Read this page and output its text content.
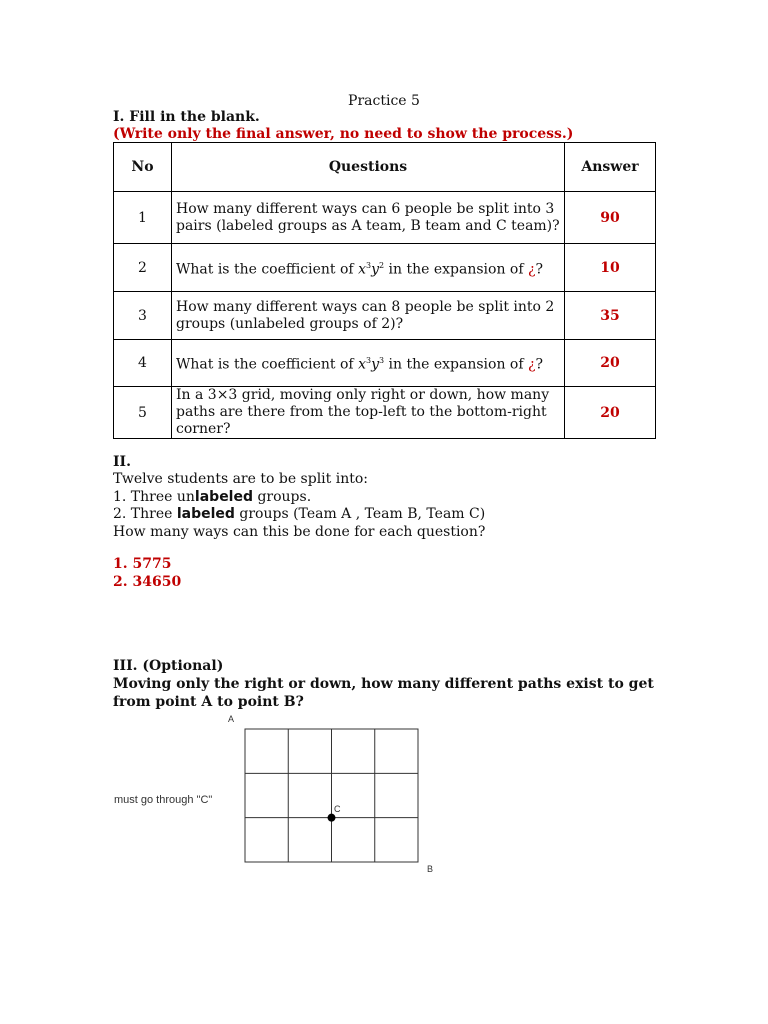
Practice 5
I. Fill in the blank.
(Write only the final answer, no need to show the process.)
No	Questions	Answer
1	How many different ways can 6 people be split into 3 pairs (labeled groups as A team, B team and C team)?	90
2	What is the coefficient of $x^3y^2$ in the expansion of ¿?	10
3	How many different ways can 8 people be split into 2 groups (unlabeled groups of 2)?	35
4	What is the coefficient of $x^3y^3$ in the expansion of ¿?	20
5	In a 3×3 grid, moving only right or down, how many paths are there from the top-left to the bottom-right corner?	20
II.
Twelve students are to be split into:
1. Three unlabeled groups.
2. Three labeled groups (Team A , Team B, Team C)
How many ways can this be done for each question?
1. 5775
2. 34650
III. (Optional)
Moving only the right or down, how many different paths exist to get from point A to point B?
A
C
B
must go through "C"
